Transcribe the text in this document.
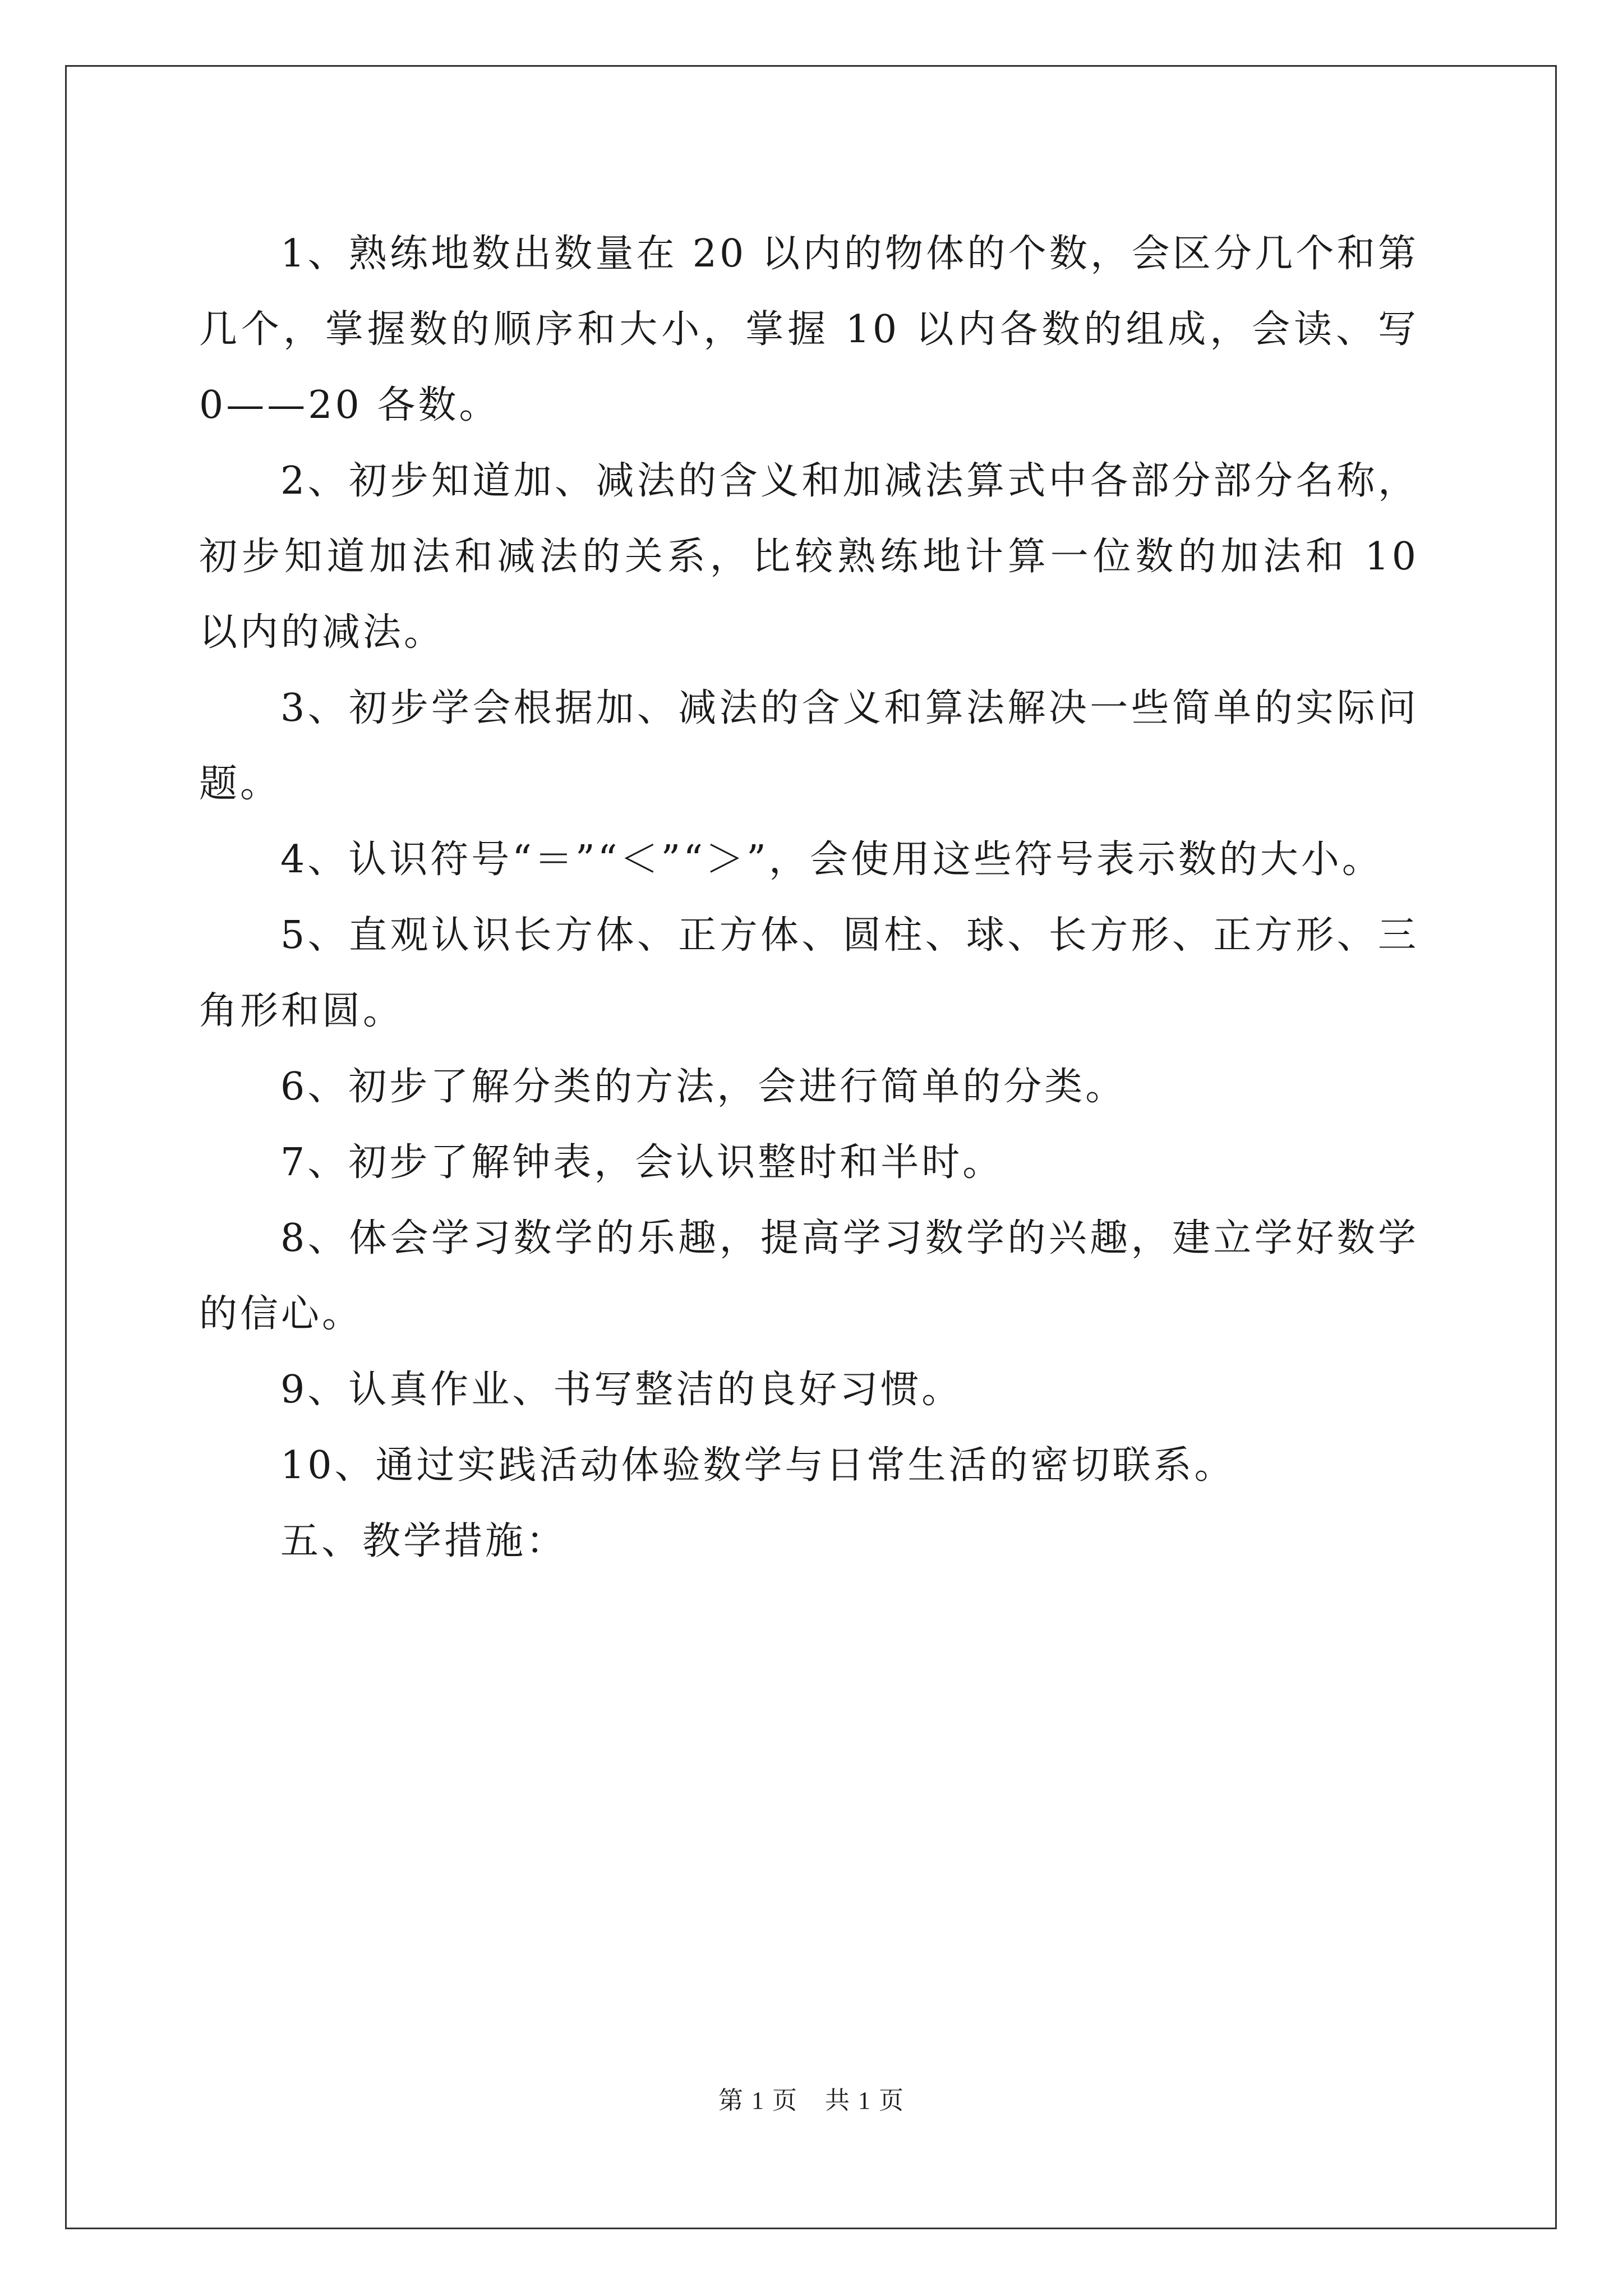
1、熟练地数出数量在 20 以内的物体的个数，会区分几个和第几个，掌握数的顺序和大小，掌握 10 以内各数的组成，会读、写 0——20 各数。

2、初步知道加、减法的含义和加减法算式中各部分部分名称，初步知道加法和减法的关系，比较熟练地计算一位数的加法和 10 以内的减法。

3、初步学会根据加、减法的含义和算法解决一些简单的实际问题。

4、认识符号“＝”“＜”“＞”，会使用这些符号表示数的大小。

5、直观认识长方体、正方体、圆柱、球、长方形、正方形、三角形和圆。

6、初步了解分类的方法，会进行简单的分类。

7、初步了解钟表，会认识整时和半时。

8、体会学习数学的乐趣，提高学习数学的兴趣，建立学好数学的信心。

9、认真作业、书写整洁的良好习惯。

10、通过实践活动体验数学与日常生活的密切联系。

五、教学措施：

第 1 页 共 1 页
